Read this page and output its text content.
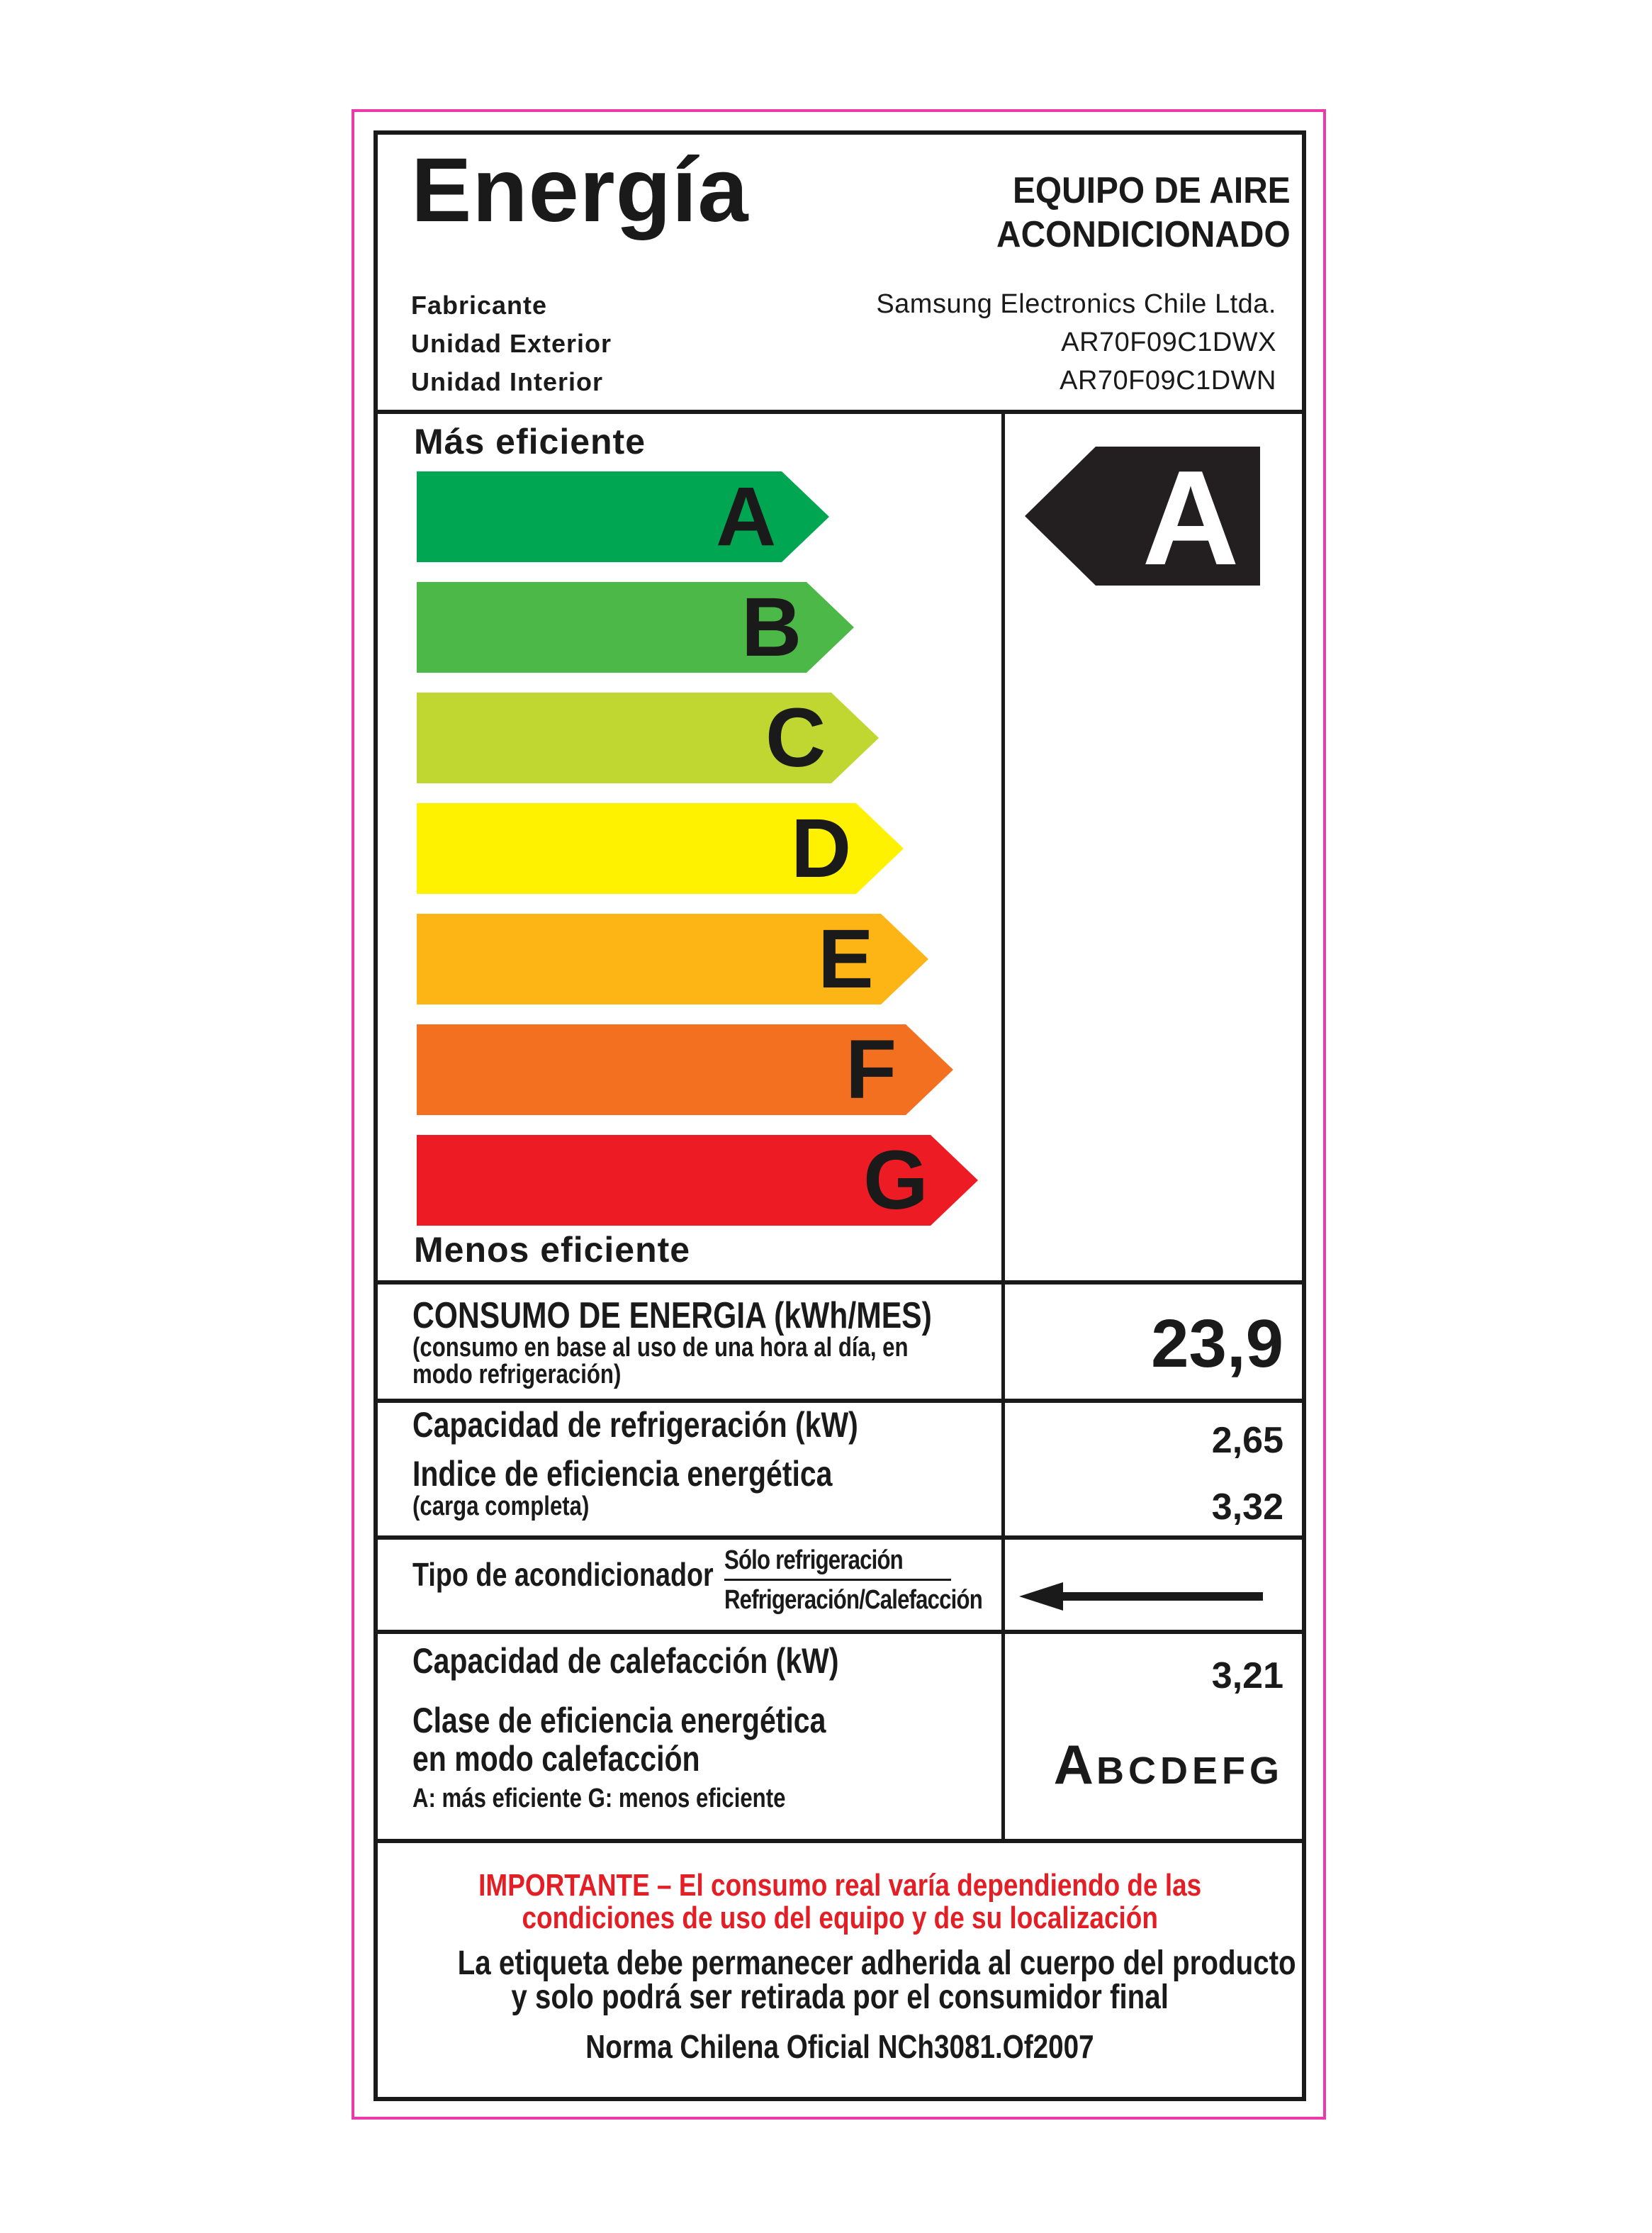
Energía	EQUIPO DE AIRE
ACONDICIONADO
Fabricante	Samsung Electronics Chile Ltda.
Unidad Exterior	AR70F09C1DWX
Unidad Interior	AR70F09C1DWN
Más eficiente
A
B
C
D
E
F
G
Menos eficiente
A
CONSUMO DE ENERGIA (kWh/MES)
(consumo en base al uso de una hora al día, en
modo refrigeración)	23,9
Capacidad de refrigeración (kW)	2,65
Indice de eficiencia energética
(carga completa)	3,32
Tipo de acondicionador Sólo refrigeración
Refrigeración/Calefacción
Capacidad de calefacción (kW)	3,21
Clase de eficiencia energética
en modo calefacción
A: más eficiente G: menos eficiente
ABCDEFG
IMPORTANTE – El consumo real varía dependiendo de las
condiciones de uso del equipo y de su localización
La etiqueta debe permanecer adherida al cuerpo del producto
y solo podrá ser retirada por el consumidor final
Norma Chilena Oficial NCh3081.Of2007
